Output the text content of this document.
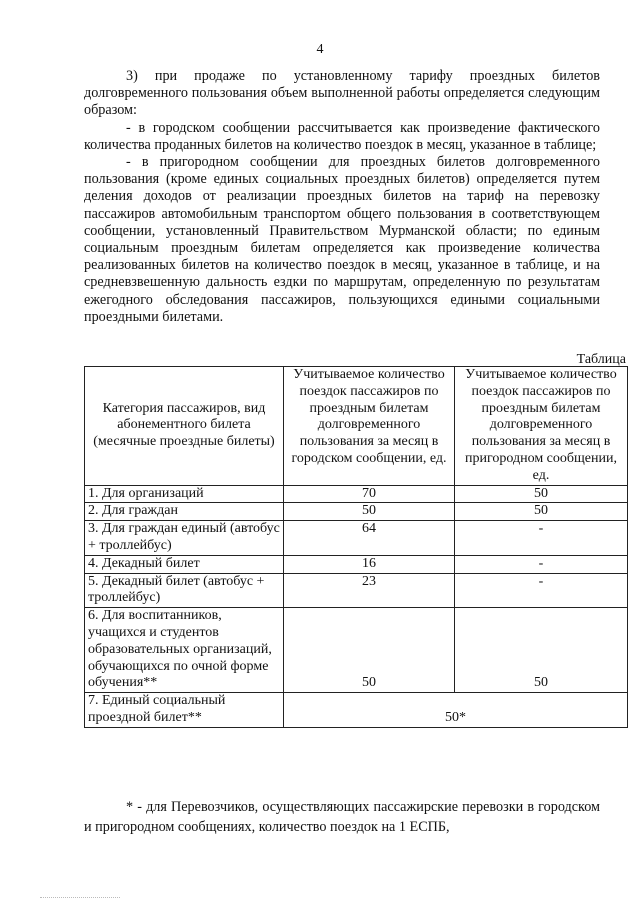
4

3) при продаже по установленному тарифу проездных билетов долговременного пользования объем выполненной работы определяется следующим образом:

- в городском сообщении рассчитывается как произведение фактического количества проданных билетов на количество поездок в месяц, указанное в таблице;

- в пригородном сообщении для проездных билетов долговременного пользования (кроме единых социальных проездных билетов) определяется путем деления доходов от реализации проездных билетов на тариф на перевозку пассажиров автомобильным транспортом общего пользования в соответствующем сообщении, установленный Правительством Мурманской области; по единым социальным проездным билетам определяется как произведение количества реализованных билетов на количество поездок в месяц, указанное в таблице, и на средневзвешенную дальность ездки по маршрутам, определенную по результатам ежегодного обследования пассажиров, пользующихся едиными социальными проездными билетами.

Таблица
Категория пассажиров, вид абонементного билета (месячные проездные билеты)	Учитываемое количество поездок пассажиров по проездным билетам долговременного пользования за месяц в городском сообщении, ед.	Учитываемое количество поездок пассажиров по проездным билетам долговременного пользования за месяц в пригородном сообщении, ед.
1. Для организаций	70	50
2. Для граждан	50	50
3. Для граждан единый (автобус + троллейбус)	64	-
4. Декадный билет	16	-
5. Декадный билет (автобус + троллейбус)	23	-
6. Для воспитанников, учащихся и студентов образовательных организаций, обучающихся по очной форме обучения**	50	50
7. Единый социальный проездной билет**	50*	
* - для Перевозчиков, осуществляющих пассажирские перевозки в городском и пригородном сообщениях, количество поездок на 1 ЕСПБ,
